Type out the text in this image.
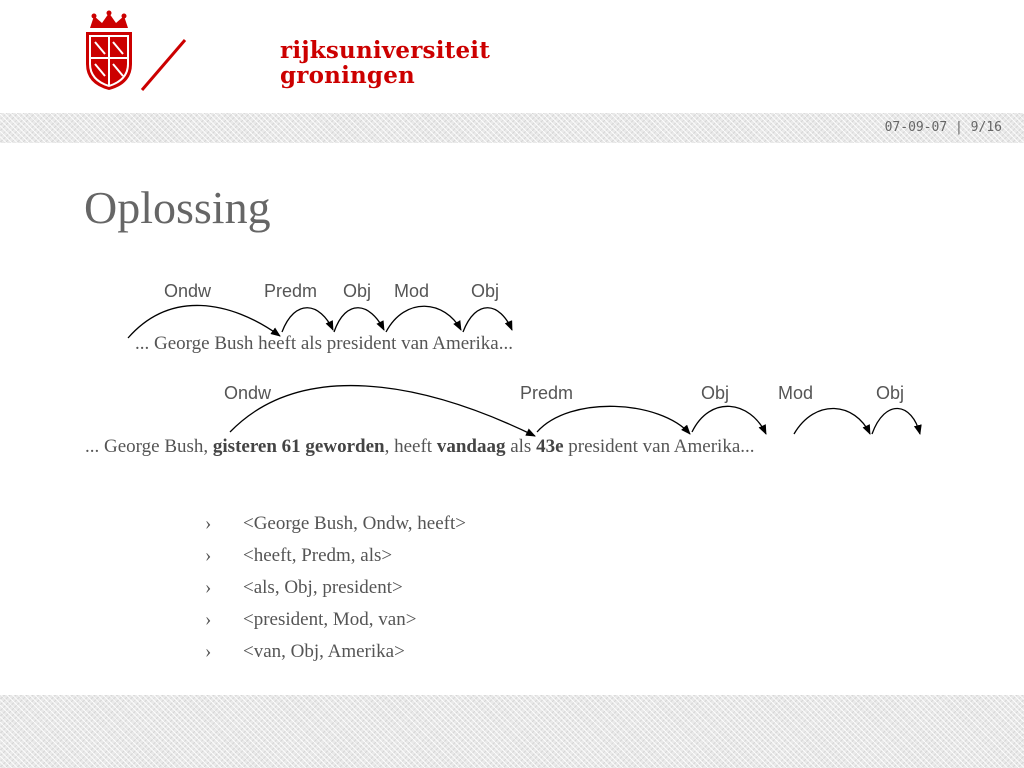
rijksuniversiteit
groningen
07-09-07 | 9/16
Oplossing
Ondw	Predm Obj Mod Obj
Ondw	Predm	Obj	Mod	Obj
... George Bush heeft als president van Amerika...
... George Bush, gisteren 61 geworden, heeft vandaag als 43e president van Amerika...
› <George Bush, Ondw, heeft>
› <heeft, Predm, als>
› <als, Obj, president>
› <president, Mod, van>
› <van, Obj, Amerika>
